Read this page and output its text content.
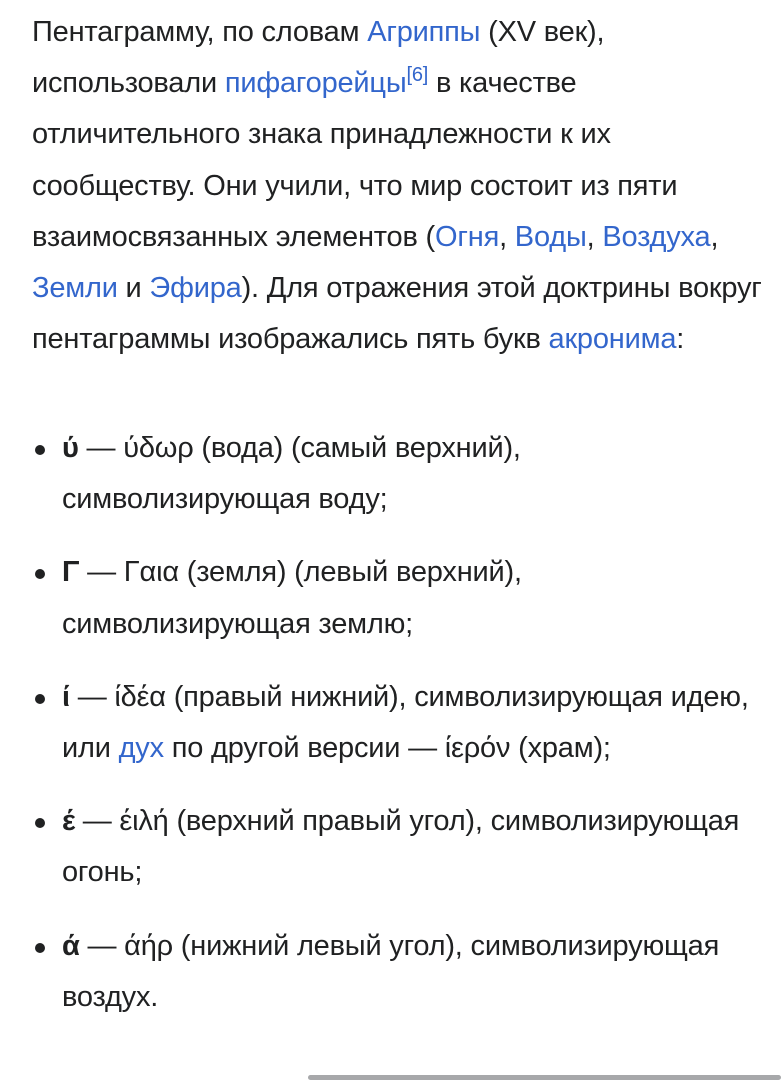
Пентаграмму, по словам Агриппы (XV век), использовали пифагорейцы[6] в качестве отличительного знака принадлежности к их сообществу. Они учили, что мир состоит из пяти взаимосвязанных элементов (Огня, Воды, Воздуха, Земли и Эфира). Для отражения этой доктрины вокруг пентаграммы изображались пять букв акронима:

ύ — ύδωρ (вода) (самый верхний), символизирующая воду;
Γ — Γαια (земля) (левый верхний), символизирующая землю;
ί — ίδέα (правый нижний), символизирующая идею, или дух по другой версии — ίερόν (храм);
έ — έιλή (верхний правый угол), символизирующая огонь;
ά — άήρ (нижний левый угол), символизирующая воздух.
